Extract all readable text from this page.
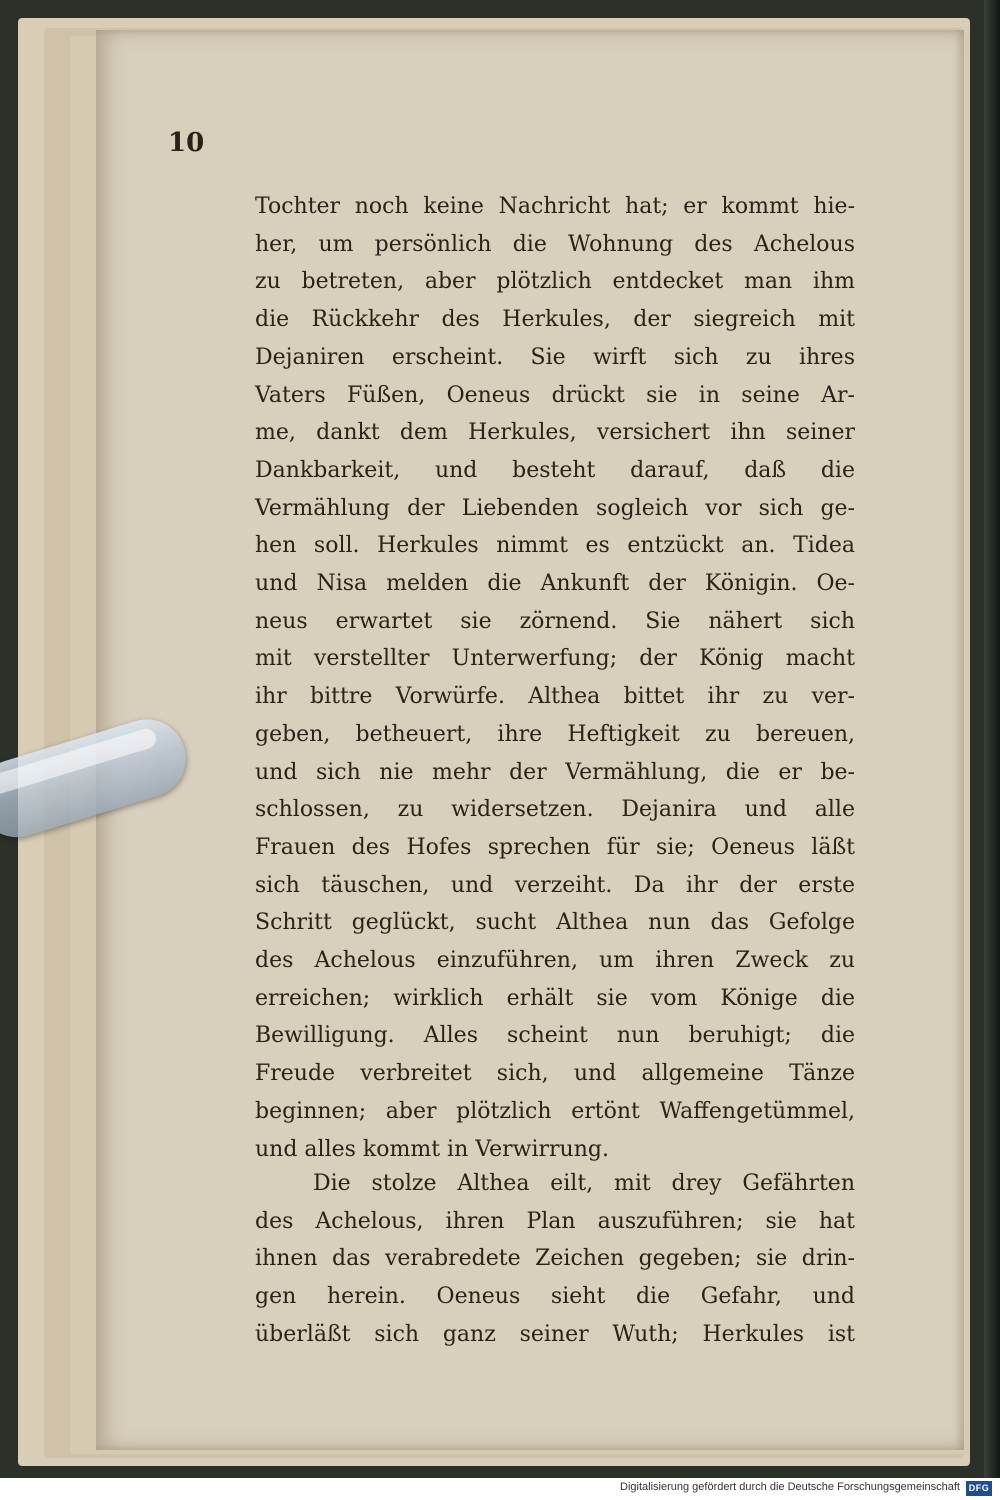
10
Tochter noch keine Nachricht hat; er kommt hie-
her, um persönlich die Wohnung des Achelous
zu betreten, aber plötzlich entdecket man ihm
die Rückkehr des Herkules, der siegreich mit
Dejaniren erscheint. Sie wirft sich zu ihres
Vaters Füßen, Oeneus drückt sie in seine Ar-
me, dankt dem Herkules, versichert ihn seiner
Dankbarkeit, und besteht darauf, daß die
Vermählung der Liebenden sogleich vor sich ge-
hen soll. Herkules nimmt es entzückt an. Tidea
und Nisa melden die Ankunft der Königin. Oe-
neus erwartet sie zörnend. Sie nähert sich
mit verstellter Unterwerfung; der König macht
ihr bittre Vorwürfe. Althea bittet ihr zu ver-
geben, betheuert, ihre Heftigkeit zu bereuen,
und sich nie mehr der Vermählung, die er be-
schlossen, zu widersetzen. Dejanira und alle
Frauen des Hofes sprechen für sie; Oeneus läßt
sich täuschen, und verzeiht. Da ihr der erste
Schritt geglückt, sucht Althea nun das Gefolge
des Achelous einzuführen, um ihren Zweck zu
erreichen; wirklich erhält sie vom Könige die
Bewilligung. Alles scheint nun beruhigt; die
Freude verbreitet sich, und allgemeine Tänze
beginnen; aber plötzlich ertönt Waffengetümmel,
und alles kommt in Verwirrung.
Die stolze Althea eilt, mit drey Gefährten
des Achelous, ihren Plan auszuführen; sie hat
ihnen das verabredete Zeichen gegeben; sie drin-
gen herein. Oeneus sieht die Gefahr, und
überläßt sich ganz seiner Wuth; Herkules ist
Digitalisierung gefördert durch die Deutsche Forschungsgemeinschaft DFG
